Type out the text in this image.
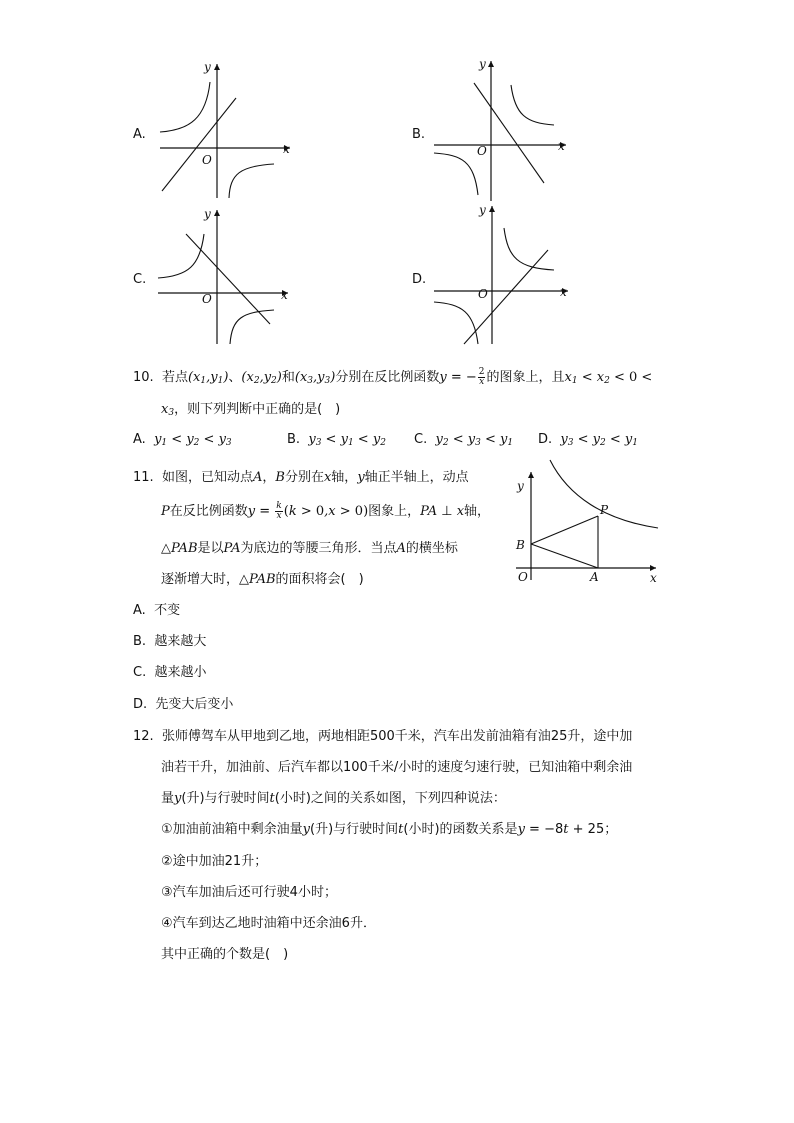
A.
O
x
y
B.
O	x
y
C.
O	x
y
D.
O	x
y
10. 若点$(x_1,y_1)$、$(x_2,y_2)$和$(x_3,y_3)$分别在反比例函数y = − $\frac{2}{x}$ 的图象上，且$x_1 < x_2 < 0$ <
$x_3$，则下列判断中正确的是(　)
A. $y_1 < y_2 < y_3$	B. $y_3 < y_1 < y_2$ C. $y_2 < y_3 < y_1$ D. $y_3 < y_2 < y_1$
11. 如图，已知动点A，B分别在x轴，y轴正半轴上，动点
P在反比例函数$y = \frac{k}{x} (k > 0,x > 0)$图象上，PA ⊥ x轴，
△PAB是以PA为底边的等腰三角形．当点A的横坐标
逐渐增大时，△PAB的面积将会(　)
P
B
O	A	x
y
A. 不变
B. 越来越大
C. 越来越小
D. 先变大后变小
12. 张师傅驾车从甲地到乙地，两地相距500千米，汽车出发前油箱有油25升，途中加
油若干升，加油前、后汽车都以100千米/小时的速度匀速行驶，已知油箱中剩余油
量y(升)与行驶时间t(小时)之间的关系如图，下列四种说法：
①加油前油箱中剩余油量y(升)与行驶时间t(小时)的函数关系是y = −8t + 25；
②途中加油21升；
③汽车加油后还可行驶4小时；
④汽车到达乙地时油箱中还余油6升．
其中正确的个数是(　)
